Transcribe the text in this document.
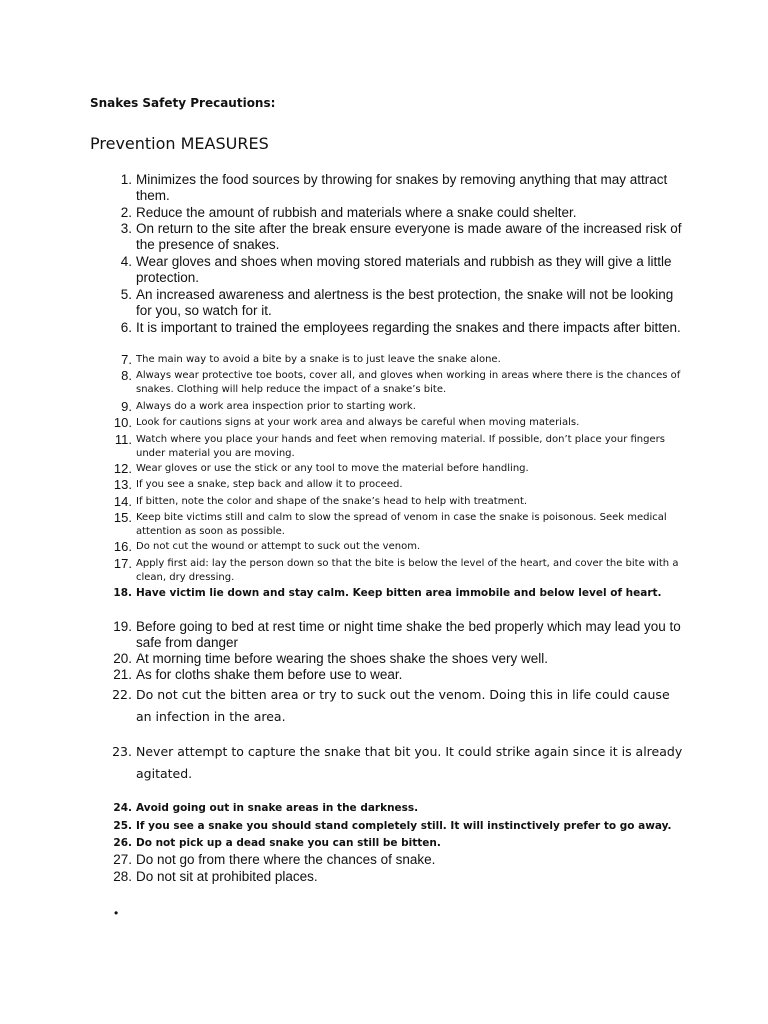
Snakes Safety Precautions:
Prevention MEASURES
1. Minimizes the food sources by throwing for snakes by removing anything that may attract them.
2. Reduce the amount of rubbish and materials where a snake could shelter.
3. On return to the site after the break ensure everyone is made aware of the increased risk of the presence of snakes.
4. Wear gloves and shoes when moving stored materials and rubbish as they will give a little protection.
5. An increased awareness and alertness is the best protection, the snake will not be looking for you, so watch for it.
6. It is important to trained the employees regarding the snakes and there impacts after bitten.
7. The main way to avoid a bite by a snake is to just leave the snake alone.
8. Always wear protective toe boots, cover all, and gloves when working in areas where there is the chances of snakes. Clothing will help reduce the impact of a snake’s bite.
9. Always do a work area inspection prior to starting work.
10. Look for cautions signs at your work area and always be careful when moving materials.
11. Watch where you place your hands and feet when removing material. If possible, don’t place your fingers under material you are moving.
12. Wear gloves or use the stick or any tool to move the material before handling.
13. If you see a snake, step back and allow it to proceed.
14. If bitten, note the color and shape of the snake’s head to help with treatment.
15. Keep bite victims still and calm to slow the spread of venom in case the snake is poisonous. Seek medical attention as soon as possible.
16. Do not cut the wound or attempt to suck out the venom.
17. Apply first aid: lay the person down so that the bite is below the level of the heart, and cover the bite with a clean, dry dressing.
18. Have victim lie down and stay calm. Keep bitten area immobile and below level of heart.
19. Before going to bed at rest time or night time shake the bed properly which may lead you to safe from danger
20. At morning time before wearing the shoes shake the shoes very well.
21. As for cloths shake them before use to wear.
22. Do not cut the bitten area or try to suck out the venom. Doing this in life could cause an infection in the area.
23. Never attempt to capture the snake that bit you. It could strike again since it is already agitated.
24. Avoid going out in snake areas in the darkness.
25. If you see a snake you should stand completely still. It will instinctively prefer to go away.
26. Do not pick up a dead snake you can still be bitten.
27. Do not go from there where the chances of snake.
28. Do not sit at prohibited places.
•
